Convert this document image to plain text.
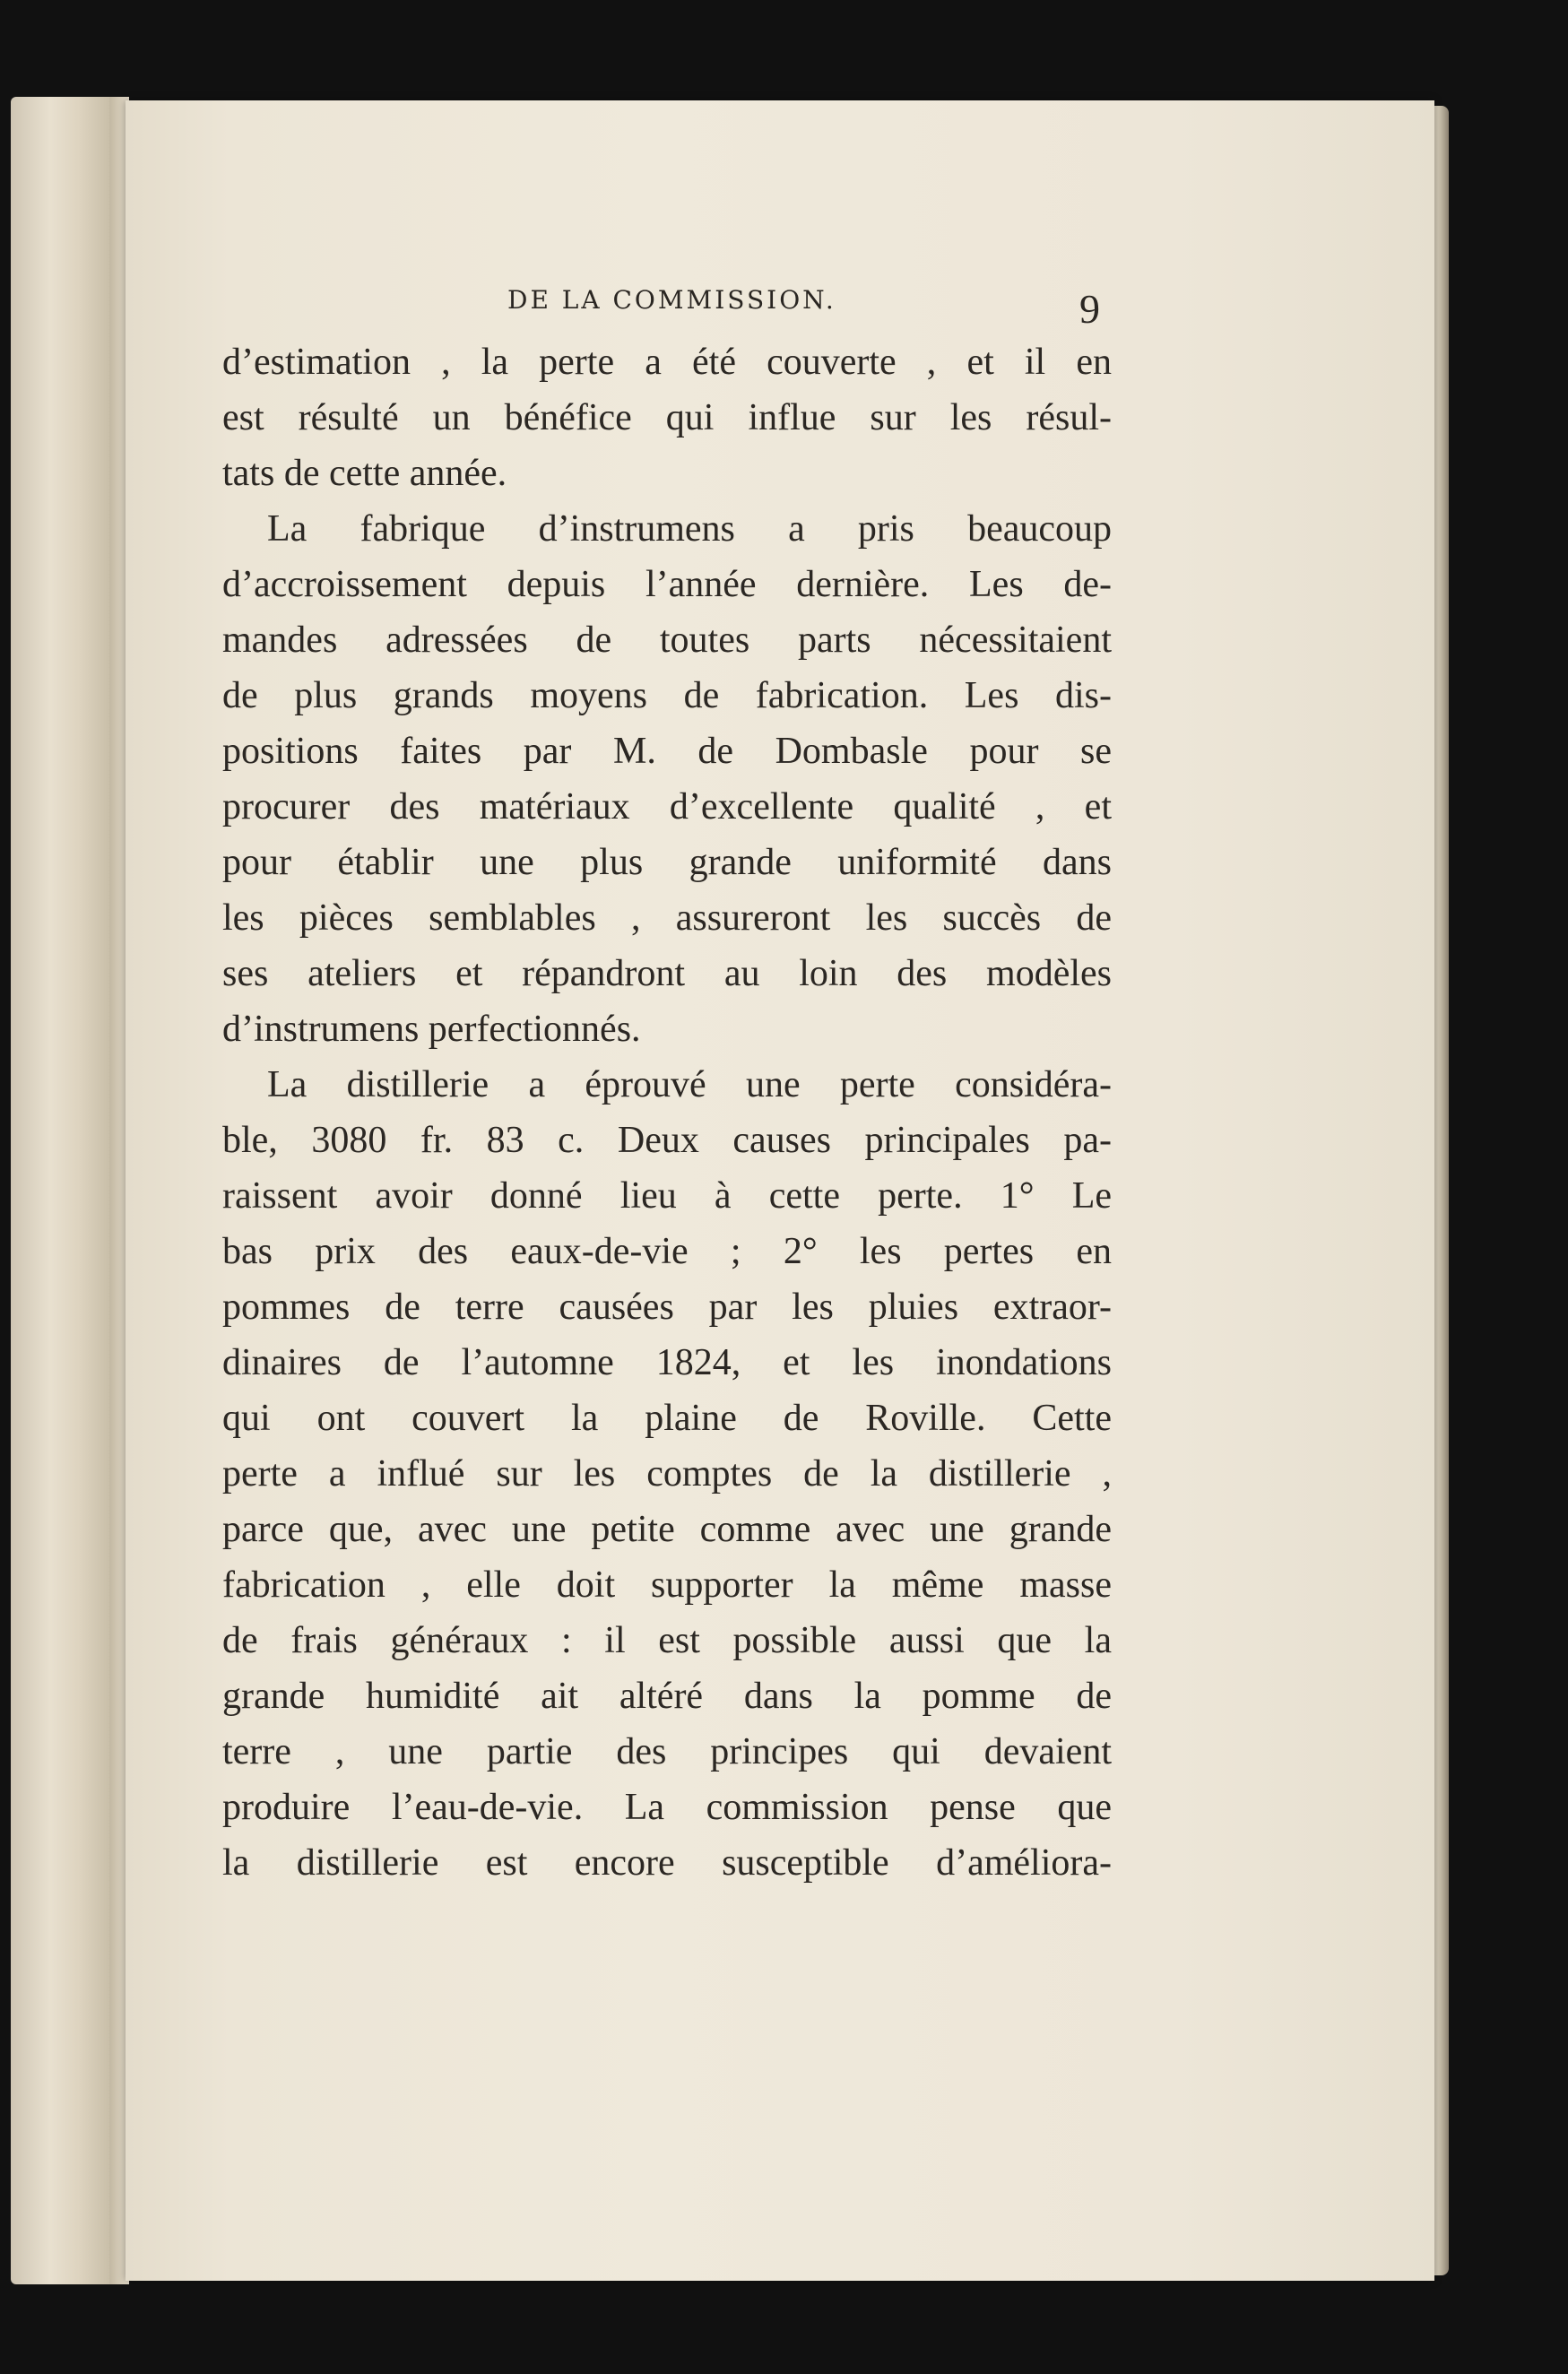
DE LA COMMISSION.	9
d’estimation , la perte a été couverte , et il en
est résulté un bénéfice qui influe sur les résul-
tats de cette année.
La fabrique d’instrumens a pris beaucoup
d’accroissement depuis l’année dernière. Les de-
mandes adressées de toutes parts nécessitaient
de plus grands moyens de fabrication. Les dis-
positions faites par M. de Dombasle pour se
procurer des matériaux d’excellente qualité , et
pour établir une plus grande uniformité dans
les pièces semblables , assureront les succès de
ses ateliers et répandront au loin des modèles
d’instrumens perfectionnés.
La distillerie a éprouvé une perte considéra-
ble, 3080 fr. 83 c. Deux causes principales pa-
raissent avoir donné lieu à cette perte. 1° Le
bas prix des eaux-de-vie ; 2° les pertes en
pommes de terre causées par les pluies extraor-
dinaires de l’automne 1824, et les inondations
qui ont couvert la plaine de Roville. Cette
perte a influé sur les comptes de la distillerie ,
parce que, avec une petite comme avec une grande
fabrication , elle doit supporter la même masse
de frais généraux : il est possible aussi que la
grande humidité ait altéré dans la pomme de
terre , une partie des principes qui devaient
produire l’eau-de-vie. La commission pense que
la distillerie est encore susceptible d’améliora-
